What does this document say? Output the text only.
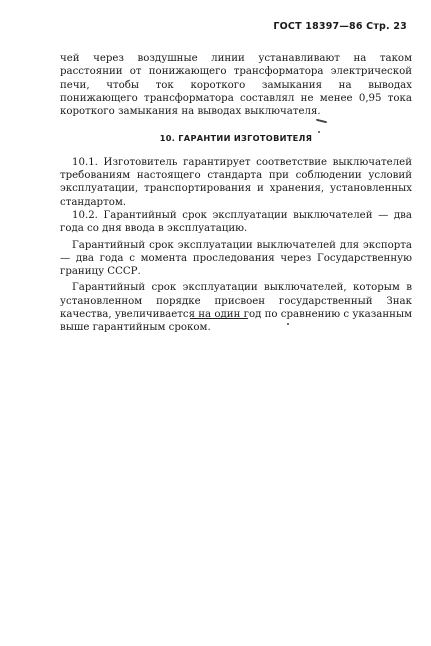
ГОСТ 18397—86 Стр. 23

чей через воздушные линии устанавливают на таком расстоянии от понижающего трансформатора электрической печи, чтобы ток короткого замыкания на выводах понижающего трансформатора составлял не менее 0,95 тока короткого замыкания на выводах выключателя.

10. ГАРАНТИИ ИЗГОТОВИТЕЛЯ

10.1. Изготовитель гарантирует соответствие выключателей требованиям настоящего стандарта при соблюдении условий эксплуатации, транспортирования и хранения, установленных стандартом.

10.2. Гарантийный срок эксплуатации выключателей — два года со дня ввода в эксплуатацию.

Гарантийный срок эксплуатации выключателей для экспорта — два года с момента проследования через Государственную границу СССР.

Гарантийный срок эксплуатации выключателей, которым в установленном порядке присвоен государственный Знак качества, увеличивается на один год по сравнению с указанным выше гарантийным сроком.
